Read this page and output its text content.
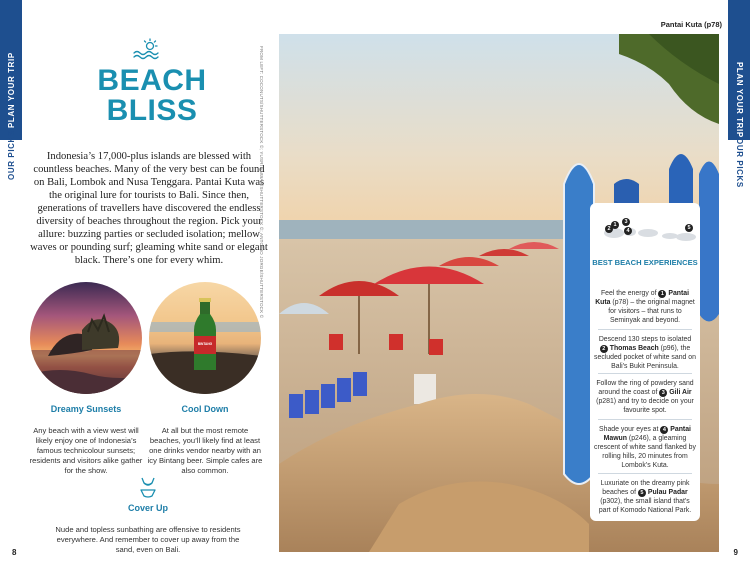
PLAN YOUR TRIP
OUR PICKS
PLAN YOUR TRIP
OUR PICKS
8	9
BEACH
BLISS

Indonesia’s 17,000-plus islands are blessed with countless beaches. Many of the very best can be found on Bali, Lombok and Nusa Tenggara. Pantai Kuta was the original lure for tourists to Bali. Since then, generations of travellers have discovered the endless diversity of beaches throughout the region. Pick your allure: buzzing parties or secluded isolation; mellow waves or pounding surf; gleaming white sand or elegant black. There’s one for every whim.

BINTANG
Dreamy Sunsets
Any beach with a view west will likely enjoy one of Indonesia’s famous technicolour sunsets; residents and visitors alike gather for the show.
Cool Down
At all but the most remote beaches, you’ll likely find at least one drinks vendor nearby with an icy Bintang beer. Simple cafes are also common.
Cover Up
Nude and topless sunbathing are offensive to residents everywhere. And remember to cover up away from the sand, even on Bali.
FROM LEFT: COCONUTS/SHUTTERSTOCK ©; YUSRI ANWAR/SHUTTERSTOCK ©; ANTONIO JORGE/SHUTTERSTOCK ©
Pantai Kuta (p78)
2
1	3
4	5
BEST BEACH EXPERIENCES
Feel the energy of 1 Pantai Kuta (p78) – the original magnet for visitors – that runs to Seminyak and beyond.
Descend 130 steps to isolated 2 Thomas Beach (p96), the secluded pocket of white sand on Bali’s Bukit Peninsula.
Follow the ring of powdery sand around the coast of 3 Gili Air (p281) and try to decide on your favourite spot.
Shade your eyes at 4 Pantai Mawun (p246), a gleaming crescent of white sand flanked by rolling hills, 20 minutes from Lombok’s Kuta.
Luxuriate on the dreamy pink beaches of 5 Pulau Padar (p302), the small island that’s part of Komodo National Park.
